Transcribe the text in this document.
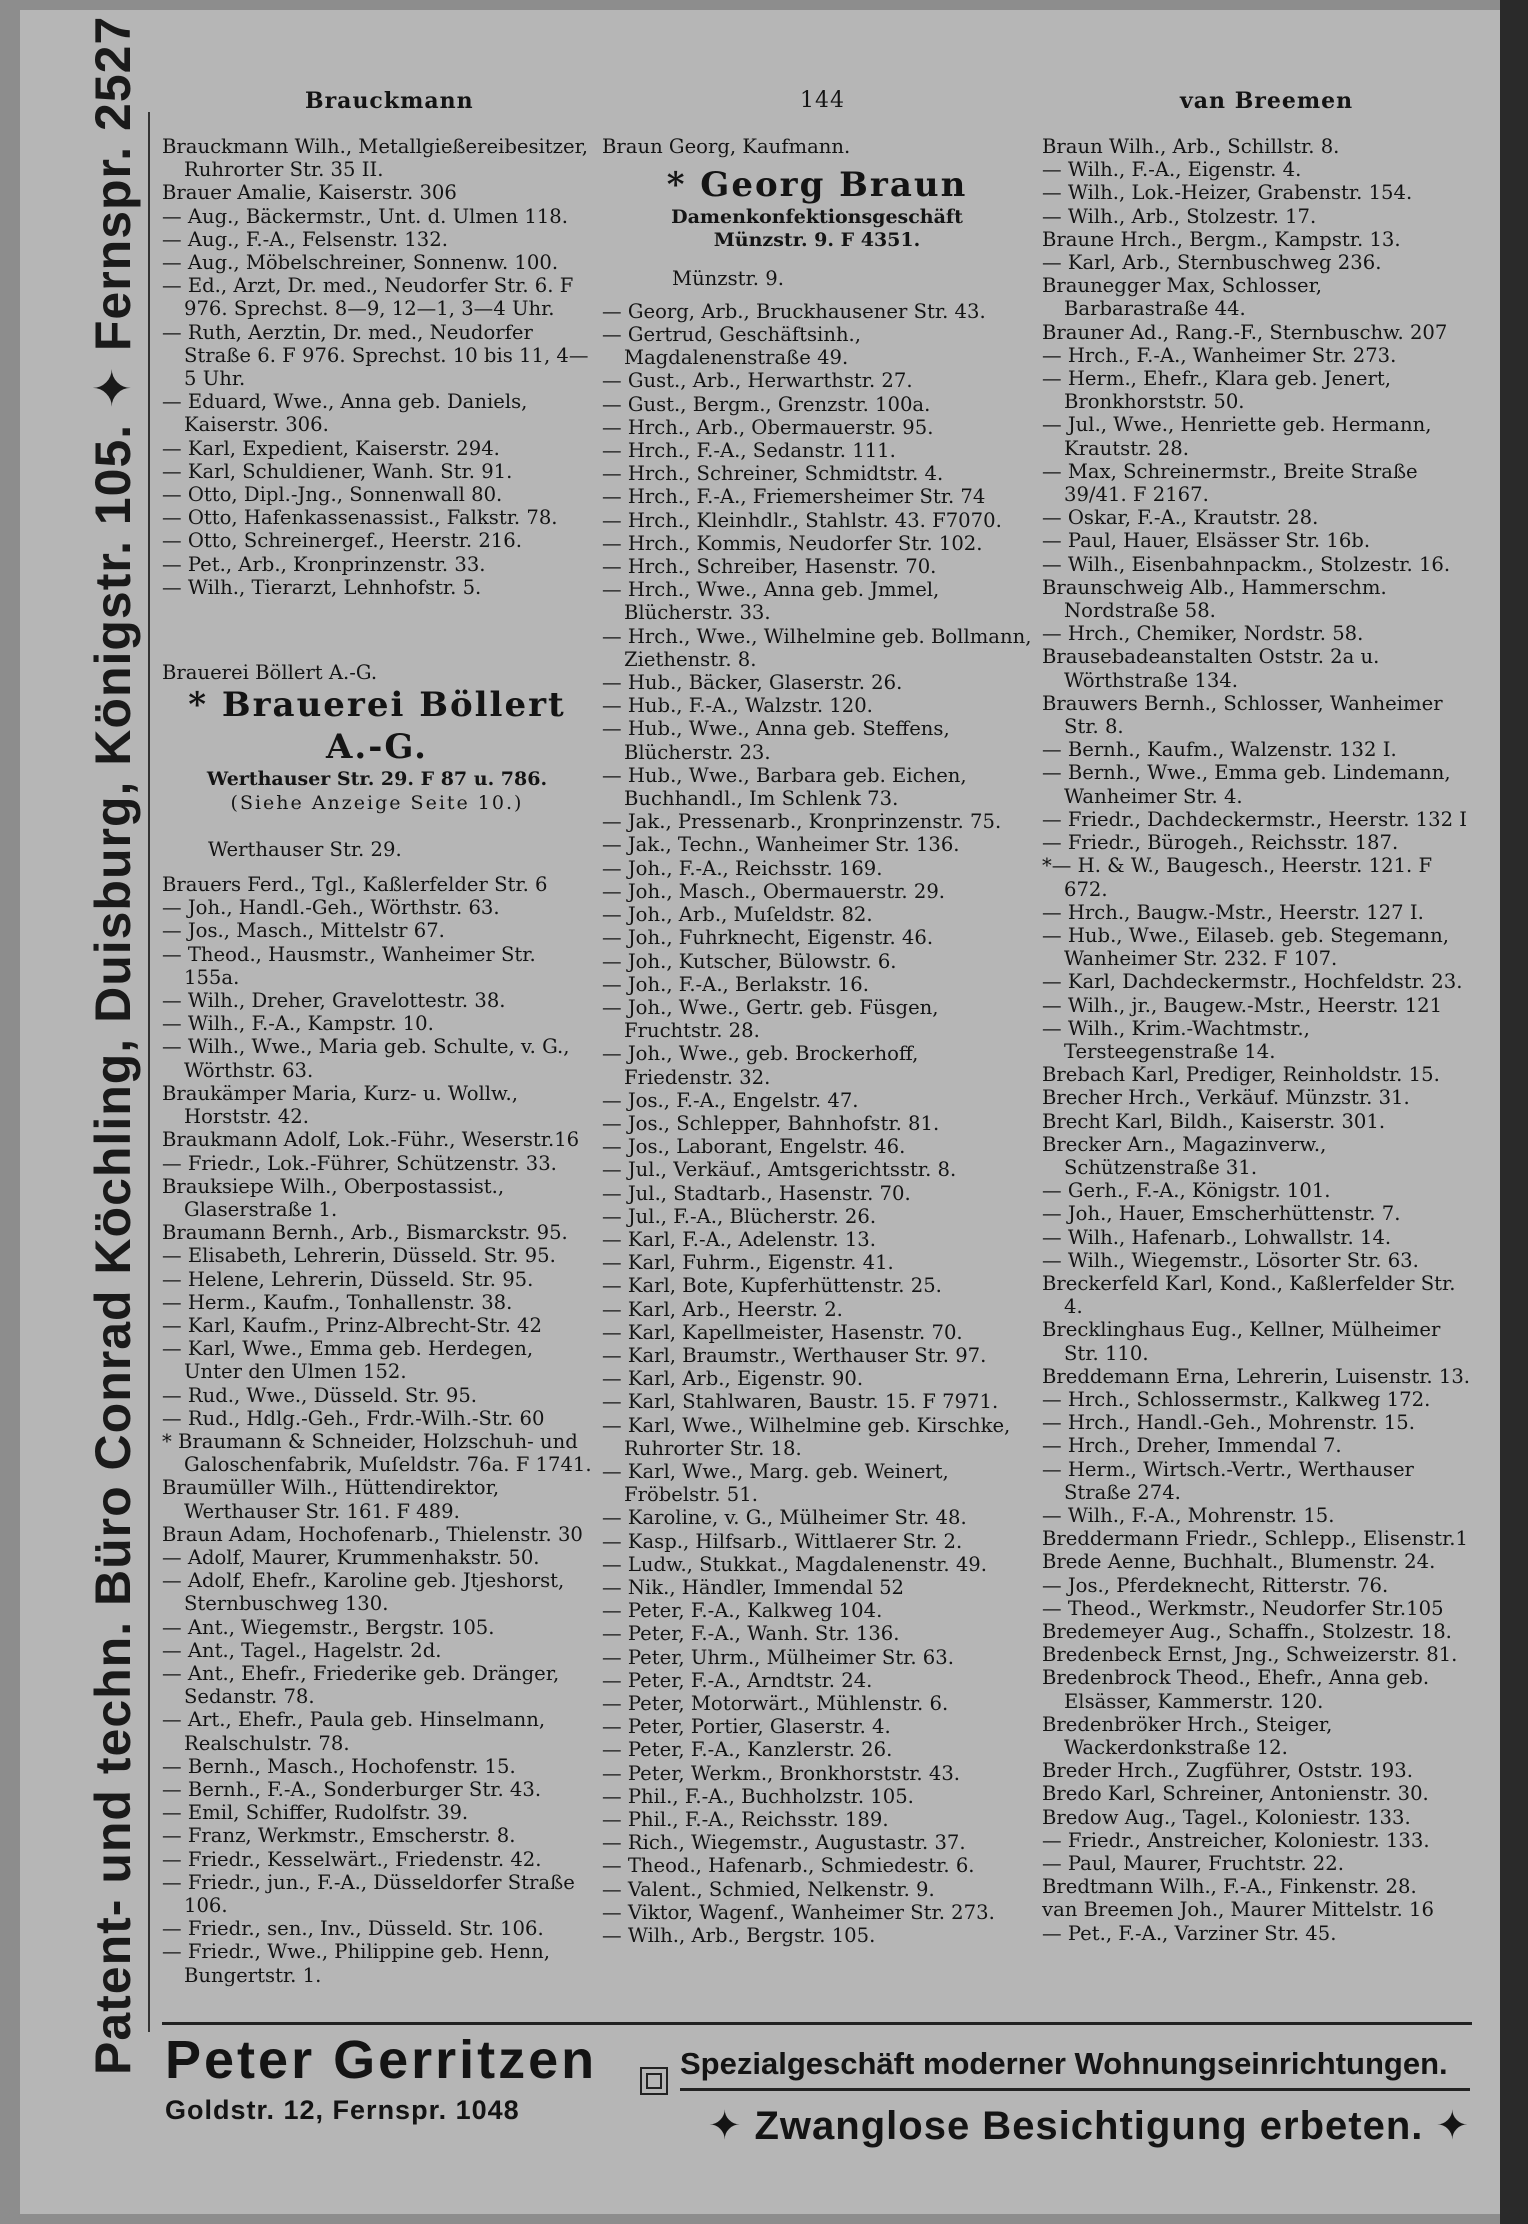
Patent- und techn. Büro Conrad Köchling, Duisburg, Königstr. 105. ✦ Fernspr. 2527	Brauckmann	144	van Breemen

Brauckmann Wilh., Metallgießereibesitzer, Ruhrorter Str. 35 II.

Brauer Amalie, Kaiserstr. 306

— Aug., Bäckermstr., Unt. d. Ulmen 118.

— Aug., F.-A., Felsenstr. 132.

— Aug., Möbelschreiner, Sonnenw. 100.

— Ed., Arzt, Dr. med., Neudorfer Str. 6. F 976. Sprechst. 8—9, 12—1, 3—4 Uhr.

— Ruth, Aerztin, Dr. med., Neudorfer Straße 6. F 976. Sprechst. 10 bis 11, 4—5 Uhr.

— Eduard, Wwe., Anna geb. Daniels, Kaiserstr. 306.

— Karl, Expedient, Kaiserstr. 294.

— Karl, Schuldiener, Wanh. Str. 91.

— Otto, Dipl.-Jng., Sonnenwall 80.

— Otto, Hafenkassenassist., Falkstr. 78.

— Otto, Schreinergef., Heerstr. 216.

— Pet., Arb., Kronprinzenstr. 33.

— Wilh., Tierarzt, Lehnhofstr. 5.

Brauerei Böllert A.-G.

* Brauerei Böllert A.-G.
Werthauser Str. 29. F 87 u. 786.
(Siehe Anzeige Seite 10.)
Werthauser Str. 29.

Brauers Ferd., Tgl., Kaßlerfelder Str. 6

— Joh., Handl.-Geh., Wörthstr. 63.

— Jos., Masch., Mittelstr 67.

— Theod., Hausmstr., Wanheimer Str. 155a.

— Wilh., Dreher, Gravelottestr. 38.

— Wilh., F.-A., Kampstr. 10.

— Wilh., Wwe., Maria geb. Schulte, v. G., Wörthstr. 63.

Braukämper Maria, Kurz- u. Wollw., Horststr. 42.

Braukmann Adolf, Lok.-Führ., Weserstr.16

— Friedr., Lok.-Führer, Schützenstr. 33.

Brauksiepe Wilh., Oberpostassist., Glaserstraße 1.

Braumann Bernh., Arb., Bismarckstr. 95.

— Elisabeth, Lehrerin, Düsseld. Str. 95.

— Helene, Lehrerin, Düsseld. Str. 95.

— Herm., Kaufm., Tonhallenstr. 38.

— Karl, Kaufm., Prinz-Albrecht-Str. 42

— Karl, Wwe., Emma geb. Herdegen, Unter den Ulmen 152.

— Rud., Wwe., Düsseld. Str. 95.

— Rud., Hdlg.-Geh., Frdr.-Wilh.-Str. 60

* Braumann & Schneider, Holzschuh- und Galoschenfabrik, Muſeldstr. 76a. F 1741.

Braumüller Wilh., Hüttendirektor, Werthauser Str. 161. F 489.

Braun Adam, Hochofenarb., Thielenstr. 30

— Adolf, Maurer, Krummenhakstr. 50.

— Adolf, Ehefr., Karoline geb. Jtjeshorst, Sternbuschweg 130.

— Ant., Wiegemstr., Bergstr. 105.

— Ant., Tagel., Hagelstr. 2d.

— Ant., Ehefr., Friederike geb. Dränger, Sedanstr. 78.

— Art., Ehefr., Paula geb. Hinselmann, Realschulstr. 78.

— Bernh., Masch., Hochofenstr. 15.

— Bernh., F.-A., Sonderburger Str. 43.

— Emil, Schiffer, Rudolfstr. 39.

— Franz, Werkmstr., Emscherstr. 8.

— Friedr., Kesselwärt., Friedenstr. 42.

— Friedr., jun., F.-A., Düsseldorfer Straße 106.

— Friedr., sen., Inv., Düsseld. Str. 106.

— Friedr., Wwe., Philippine geb. Henn, Bungertstr. 1.

Braun Georg, Kaufmann.

* Georg Braun
Damenkonfektionsgeschäft
Münzstr. 9. F 4351.
Münzstr. 9.

— Georg, Arb., Bruckhausener Str. 43.

— Gertrud, Geschäftsinh., Magdalenenstraße 49.

— Gust., Arb., Herwarthstr. 27.

— Gust., Bergm., Grenzstr. 100a.

— Hrch., Arb., Obermauerstr. 95.

— Hrch., F.-A., Sedanstr. 111.

— Hrch., Schreiner, Schmidtstr. 4.

— Hrch., F.-A., Friemersheimer Str. 74

— Hrch., Kleinhdlr., Stahlstr. 43. F7070.

— Hrch., Kommis, Neudorfer Str. 102.

— Hrch., Schreiber, Hasenstr. 70.

— Hrch., Wwe., Anna geb. Jmmel, Blücherstr. 33.

— Hrch., Wwe., Wilhelmine geb. Bollmann, Ziethenstr. 8.

— Hub., Bäcker, Glaserstr. 26.

— Hub., F.-A., Walzstr. 120.

— Hub., Wwe., Anna geb. Steffens, Blücherstr. 23.

— Hub., Wwe., Barbara geb. Eichen, Buchhandl., Im Schlenk 73.

— Jak., Pressenarb., Kronprinzenstr. 75.

— Jak., Techn., Wanheimer Str. 136.

— Joh., F.-A., Reichsstr. 169.

— Joh., Masch., Obermauerstr. 29.

— Joh., Arb., Muſeldstr. 82.

— Joh., Fuhrknecht, Eigenstr. 46.

— Joh., Kutscher, Bülowstr. 6.

— Joh., F.-A., Berlakstr. 16.

— Joh., Wwe., Gertr. geb. Füsgen, Fruchtstr. 28.

— Joh., Wwe., geb. Brockerhoff, Friedenstr. 32.

— Jos., F.-A., Engelstr. 47.

— Jos., Schlepper, Bahnhofstr. 81.

— Jos., Laborant, Engelstr. 46.

— Jul., Verkäuf., Amtsgerichtsstr. 8.

— Jul., Stadtarb., Hasenstr. 70.

— Jul., F.-A., Blücherstr. 26.

— Karl, F.-A., Adelenstr. 13.

— Karl, Fuhrm., Eigenstr. 41.

— Karl, Bote, Kupferhüttenstr. 25.

— Karl, Arb., Heerstr. 2.

— Karl, Kapellmeister, Hasenstr. 70.

— Karl, Braumstr., Werthauser Str. 97.

— Karl, Arb., Eigenstr. 90.

— Karl, Stahlwaren, Baustr. 15. F 7971.

— Karl, Wwe., Wilhelmine geb. Kirschke, Ruhrorter Str. 18.

— Karl, Wwe., Marg. geb. Weinert, Fröbelstr. 51.

— Karoline, v. G., Mülheimer Str. 48.

— Kasp., Hilfsarb., Wittlaerer Str. 2.

— Ludw., Stukkat., Magdalenenstr. 49.

— Nik., Händler, Immendal 52

— Peter, F.-A., Kalkweg 104.

— Peter, F.-A., Wanh. Str. 136.

— Peter, Uhrm., Mülheimer Str. 63.

— Peter, F.-A., Arndtstr. 24.

— Peter, Motorwärt., Mühlenstr. 6.

— Peter, Portier, Glaserstr. 4.

— Peter, F.-A., Kanzlerstr. 26.

— Peter, Werkm., Bronkhorststr. 43.

— Phil., F.-A., Buchholzstr. 105.

— Phil., F.-A., Reichsstr. 189.

— Rich., Wiegemstr., Augustastr. 37.

— Theod., Hafenarb., Schmiedestr. 6.

— Valent., Schmied, Nelkenstr. 9.

— Viktor, Wagenf., Wanheimer Str. 273.

— Wilh., Arb., Bergstr. 105.

Braun Wilh., Arb., Schillstr. 8.

— Wilh., F.-A., Eigenstr. 4.

— Wilh., Lok.-Heizer, Grabenstr. 154.

— Wilh., Arb., Stolzestr. 17.

Braune Hrch., Bergm., Kampstr. 13.

— Karl, Arb., Sternbuschweg 236.

Braunegger Max, Schlosser, Barbarastraße 44.

Brauner Ad., Rang.-F., Sternbuschw. 207

— Hrch., F.-A., Wanheimer Str. 273.

— Herm., Ehefr., Klara geb. Jenert, Bronkhorststr. 50.

— Jul., Wwe., Henriette geb. Hermann, Krautstr. 28.

— Max, Schreinermstr., Breite Straße 39/41. F 2167.

— Oskar, F.-A., Krautstr. 28.

— Paul, Hauer, Elsässer Str. 16b.

— Wilh., Eisenbahnpackm., Stolzestr. 16.

Braunschweig Alb., Hammerschm. Nordstraße 58.

— Hrch., Chemiker, Nordstr. 58.

Brausebadeanstalten Oststr. 2a u. Wörthstraße 134.

Brauwers Bernh., Schlosser, Wanheimer Str. 8.

— Bernh., Kaufm., Walzenstr. 132 I.

— Bernh., Wwe., Emma geb. Lindemann, Wanheimer Str. 4.

— Friedr., Dachdeckermstr., Heerstr. 132 I

— Friedr., Bürogeh., Reichsstr. 187.

*— H. & W., Baugesch., Heerstr. 121. F 672.

— Hrch., Baugw.-Mstr., Heerstr. 127 I.

— Hub., Wwe., Eilaseb. geb. Stegemann, Wanheimer Str. 232. F 107.

— Karl, Dachdeckermstr., Hochfeldstr. 23.

— Wilh., jr., Baugew.-Mstr., Heerstr. 121

— Wilh., Krim.-Wachtmstr., Tersteegenstraße 14.

Brebach Karl, Prediger, Reinholdstr. 15.

Brecher Hrch., Verkäuf. Münzstr. 31.

Brecht Karl, Bildh., Kaiserstr. 301.

Brecker Arn., Magazinverw., Schützenstraße 31.

— Gerh., F.-A., Königstr. 101.

— Joh., Hauer, Emscherhüttenstr. 7.

— Wilh., Hafenarb., Lohwallstr. 14.

— Wilh., Wiegemstr., Lösorter Str. 63.

Breckerfeld Karl, Kond., Kaßlerfelder Str. 4.

Brecklinghaus Eug., Kellner, Mülheimer Str. 110.

Breddemann Erna, Lehrerin, Luisenstr. 13.

— Hrch., Schlossermstr., Kalkweg 172.

— Hrch., Handl.-Geh., Mohrenstr. 15.

— Hrch., Dreher, Immendal 7.

— Herm., Wirtsch.-Vertr., Werthauser Straße 274.

— Wilh., F.-A., Mohrenstr. 15.

Breddermann Friedr., Schlepp., Elisenstr.1

Brede Aenne, Buchhalt., Blumenstr. 24.

— Jos., Pferdeknecht, Ritterstr. 76.

— Theod., Werkmstr., Neudorfer Str.105

Bredemeyer Aug., Schaffn., Stolzestr. 18.

Bredenbeck Ernst, Jng., Schweizerstr. 81.

Bredenbrock Theod., Ehefr., Anna geb. Elsässer, Kammerstr. 120.

Bredenbröker Hrch., Steiger, Wackerdonkstraße 12.

Breder Hrch., Zugführer, Oststr. 193.

Bredo Karl, Schreiner, Antonienstr. 30.

Bredow Aug., Tagel., Koloniestr. 133.

— Friedr., Anstreicher, Koloniestr. 133.

— Paul, Maurer, Fruchtstr. 22.

Bredtmann Wilh., F.-A., Finkenstr. 28.

van Breemen Joh., Maurer Mittelstr. 16

— Pet., F.-A., Varziner Str. 45.

Peter Gerritzen
Goldstr. 12, Fernspr. 1048
Spezialgeschäft moderner Wohnungseinrichtungen.
✦ Zwanglose Besichtigung erbeten. ✦
